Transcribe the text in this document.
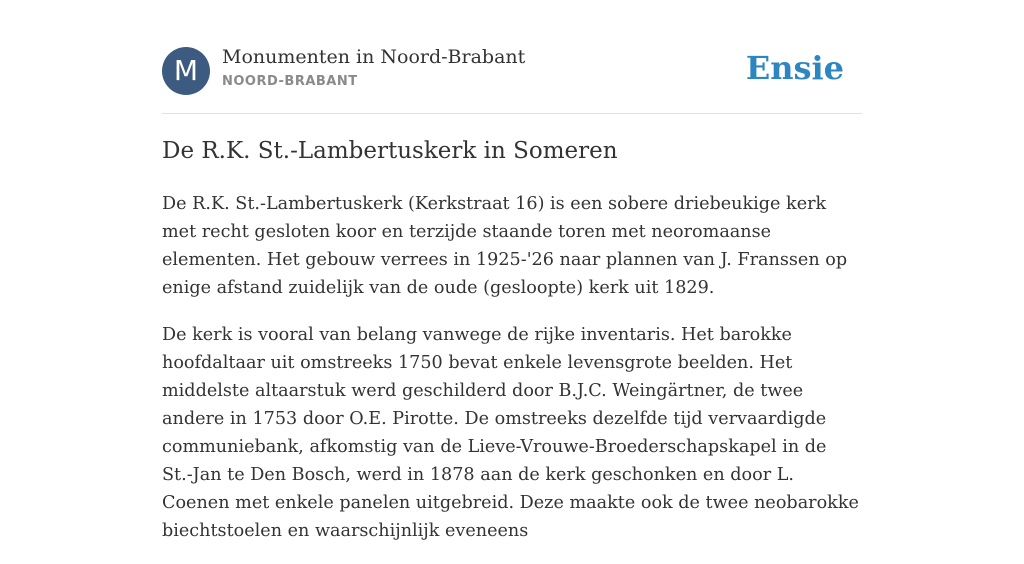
M	Monumenten in Noord-Brabant
NOORD-BRABANT	Ensie
De R.K. St.-Lambertuskerk in Someren

De R.K. St.-Lambertuskerk (Kerkstraat 16) is een sobere driebeukige kerk met recht gesloten koor en terzijde staande toren met neoromaanse elementen. Het gebouw verrees in 1925-'26 naar plannen van J. Franssen op enige afstand zuidelijk van de oude (gesloopte) kerk uit 1829.

De kerk is vooral van belang vanwege de rijke inventaris. Het barokke hoofdaltaar uit omstreeks 1750 bevat enkele levensgrote beelden. Het middelste altaarstuk werd geschilderd door B.J.C. Weingärtner, de twee andere in 1753 door O.E. Pirotte. De omstreeks dezelfde tijd vervaardigde communiebank, afkomstig van de Lieve-Vrouwe-Broederschapskapel in de St.-Jan te Den Bosch, werd in 1878 aan de kerk geschonken en door L. Coenen met enkele panelen uitgebreid. Deze maakte ook de twee neobarokke biechtstoelen en waarschijnlijk eveneens
